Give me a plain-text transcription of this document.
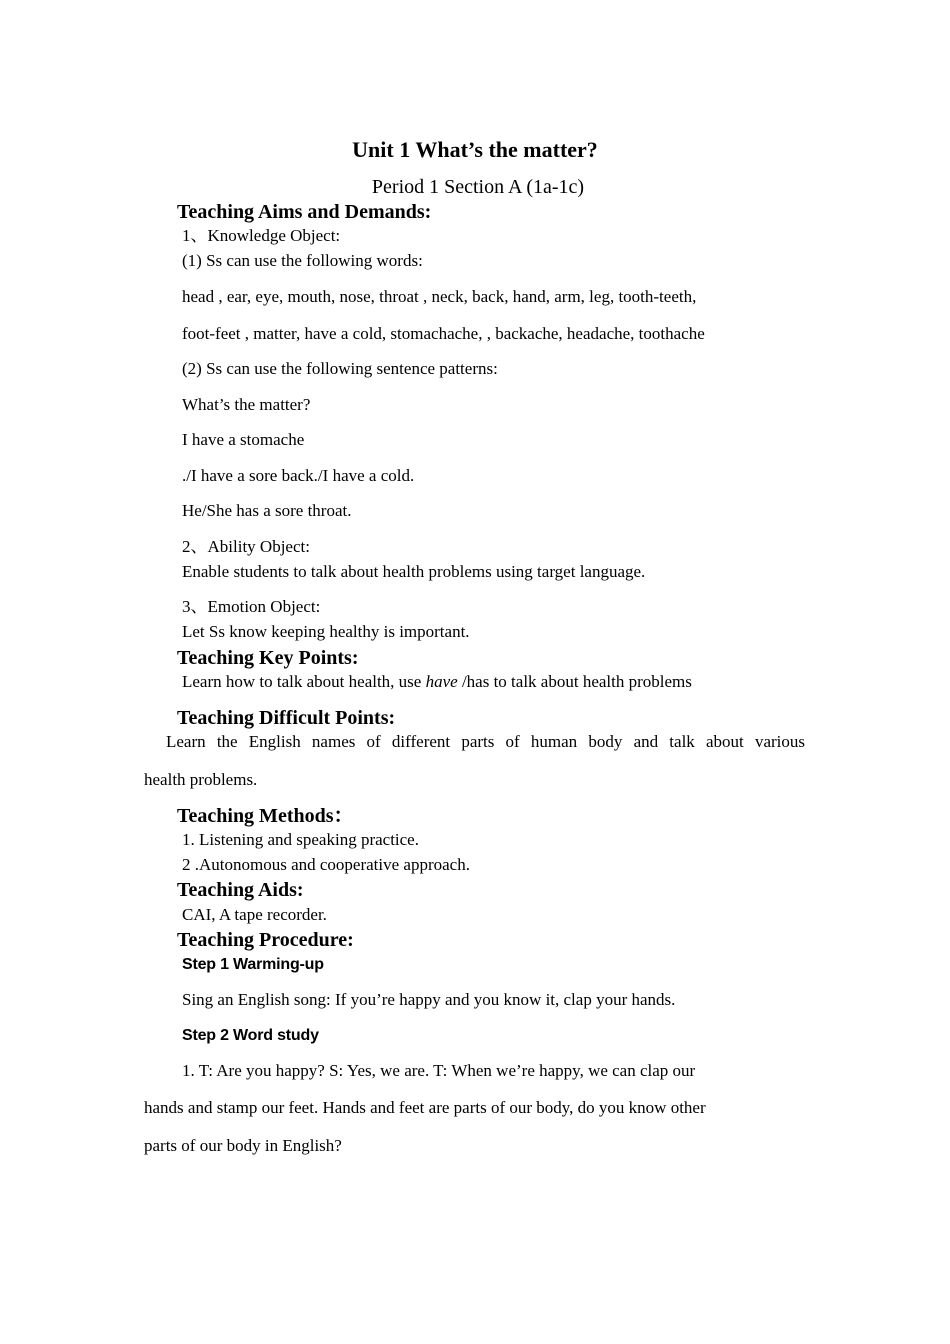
Unit 1 What’s the matter?
Period 1 Section A (1a-1c)
Teaching Aims and Demands:
1、Knowledge Object:
(1) Ss can use the following words:
head , ear, eye, mouth, nose, throat , neck, back, hand, arm, leg, tooth-teeth,
foot-feet , matter, have a cold, stomachache, , backache, headache, toothache
(2) Ss can use the following sentence patterns:
What’s the matter?
I have a stomache
./I have a sore back./I have a cold.
He/She has a sore throat.
2、Ability Object:
Enable students to talk about health problems using target language.
3、Emotion Object:
Let Ss know keeping healthy is important.
Teaching Key Points:
Learn how to talk about health, use have /has to talk about health problems
Teaching Difficult Points:
Learn the English names of different parts of human body and talk about various
health problems.
Teaching Methods：
1. Listening and speaking practice.
2 .Autonomous and cooperative approach.
Teaching Aids:
CAI, A tape recorder.
Teaching Procedure:
Step 1 Warming-up
Sing an English song: If you’re happy and you know it, clap your hands.
Step 2 Word study
1. T: Are you happy? S: Yes, we are. T: When we’re happy, we can clap our
hands and stamp our feet. Hands and feet are parts of our body, do you know other
parts of our body in English?
